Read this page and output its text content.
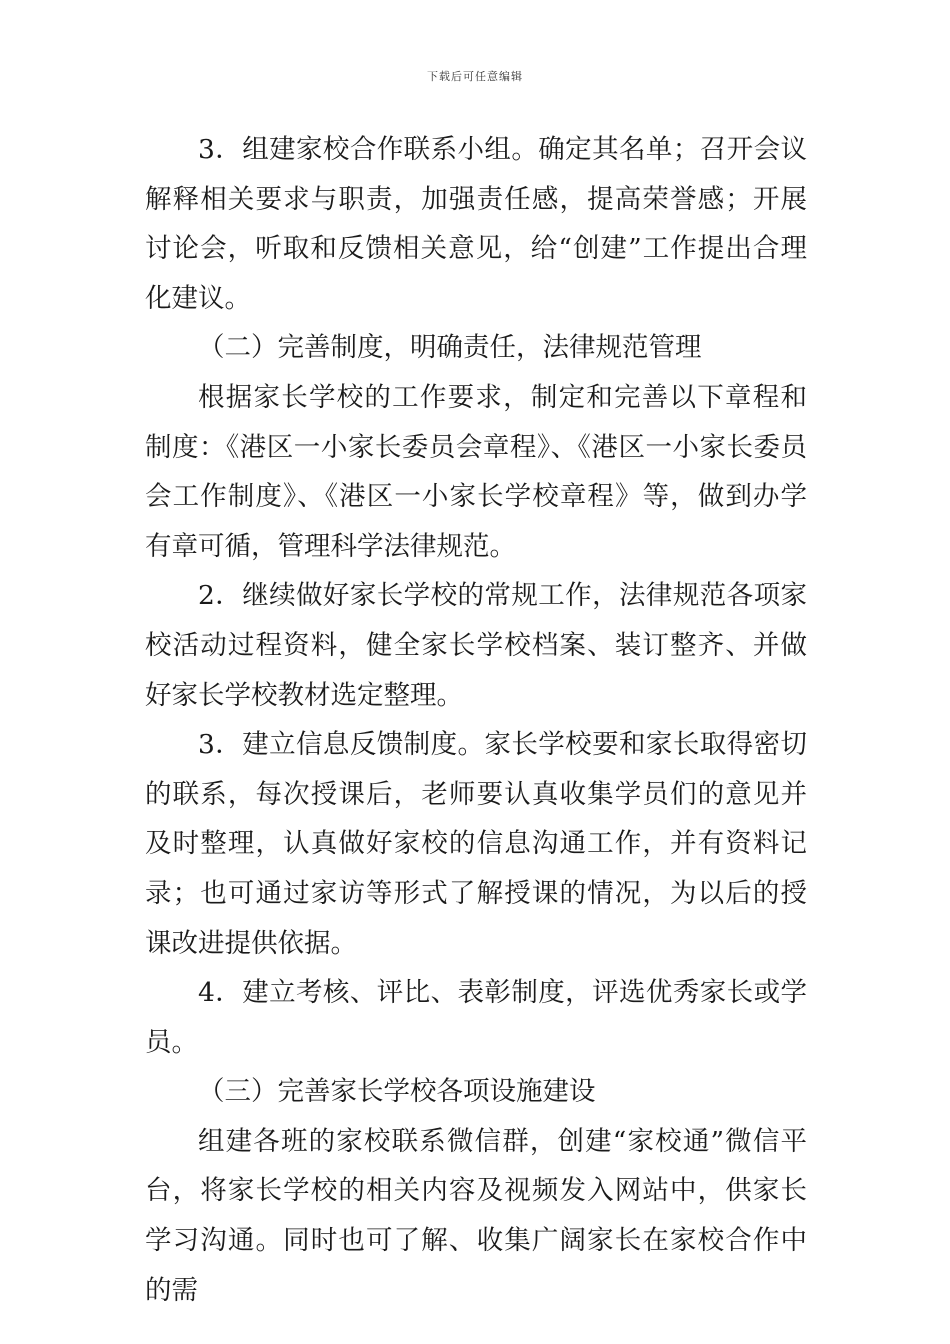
下载后可任意编辑

3．组建家校合作联系小组。确定其名单；召开会议解释相关要求与职责，加强责任感，提高荣誉感；开展讨论会，听取和反馈相关意见，给“创建”工作提出合理化建议。

（二）完善制度，明确责任，法律规范管理

根据家长学校的工作要求，制定和完善以下章程和制度：《港区一小家长委员会章程》、《港区一小家长委员会工作制度》、《港区一小家长学校章程》等，做到办学有章可循，管理科学法律规范。

2．继续做好家长学校的常规工作，法律规范各项家校活动过程资料，健全家长学校档案、装订整齐、并做好家长学校教材选定整理。

3．建立信息反馈制度。家长学校要和家长取得密切的联系，每次授课后，老师要认真收集学员们的意见并及时整理，认真做好家校的信息沟通工作，并有资料记录；也可通过家访等形式了解授课的情况，为以后的授课改进提供依据。

4．建立考核、评比、表彰制度，评选优秀家长或学员。

（三）完善家长学校各项设施建设

组建各班的家校联系微信群，创建“家校通”微信平台，将家长学校的相关内容及视频发入网站中，供家长学习沟通。同时也可了解、收集广阔家长在家校合作中的需
